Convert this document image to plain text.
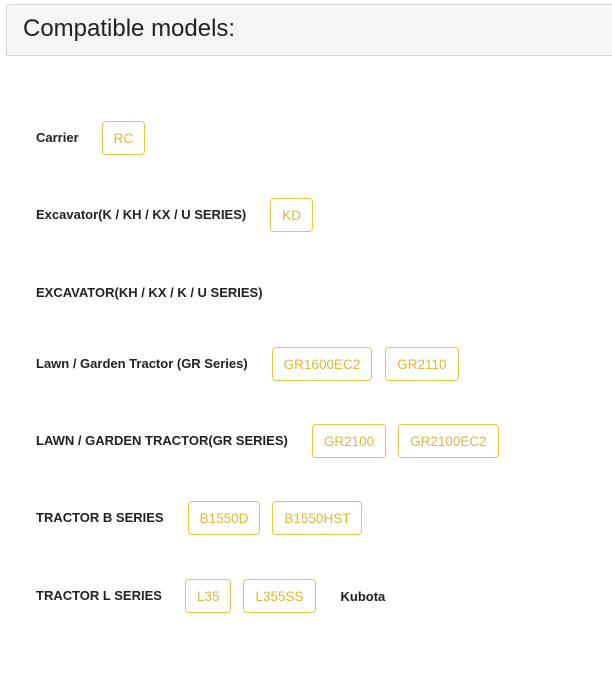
Compatible models:
Carrier	RC
Excavator(K / KH / KX / U SERIES)	KD
EXCAVATOR(KH / KX / K / U SERIES)
Lawn / Garden Tractor (GR Series)	GR1600EC2	GR2110
LAWN / GARDEN TRACTOR(GR SERIES)	GR2100	GR2100EC2
TRACTOR B SERIES	B1550D	B1550HST
TRACTOR L SERIES	L35	L355SS	Kubota
